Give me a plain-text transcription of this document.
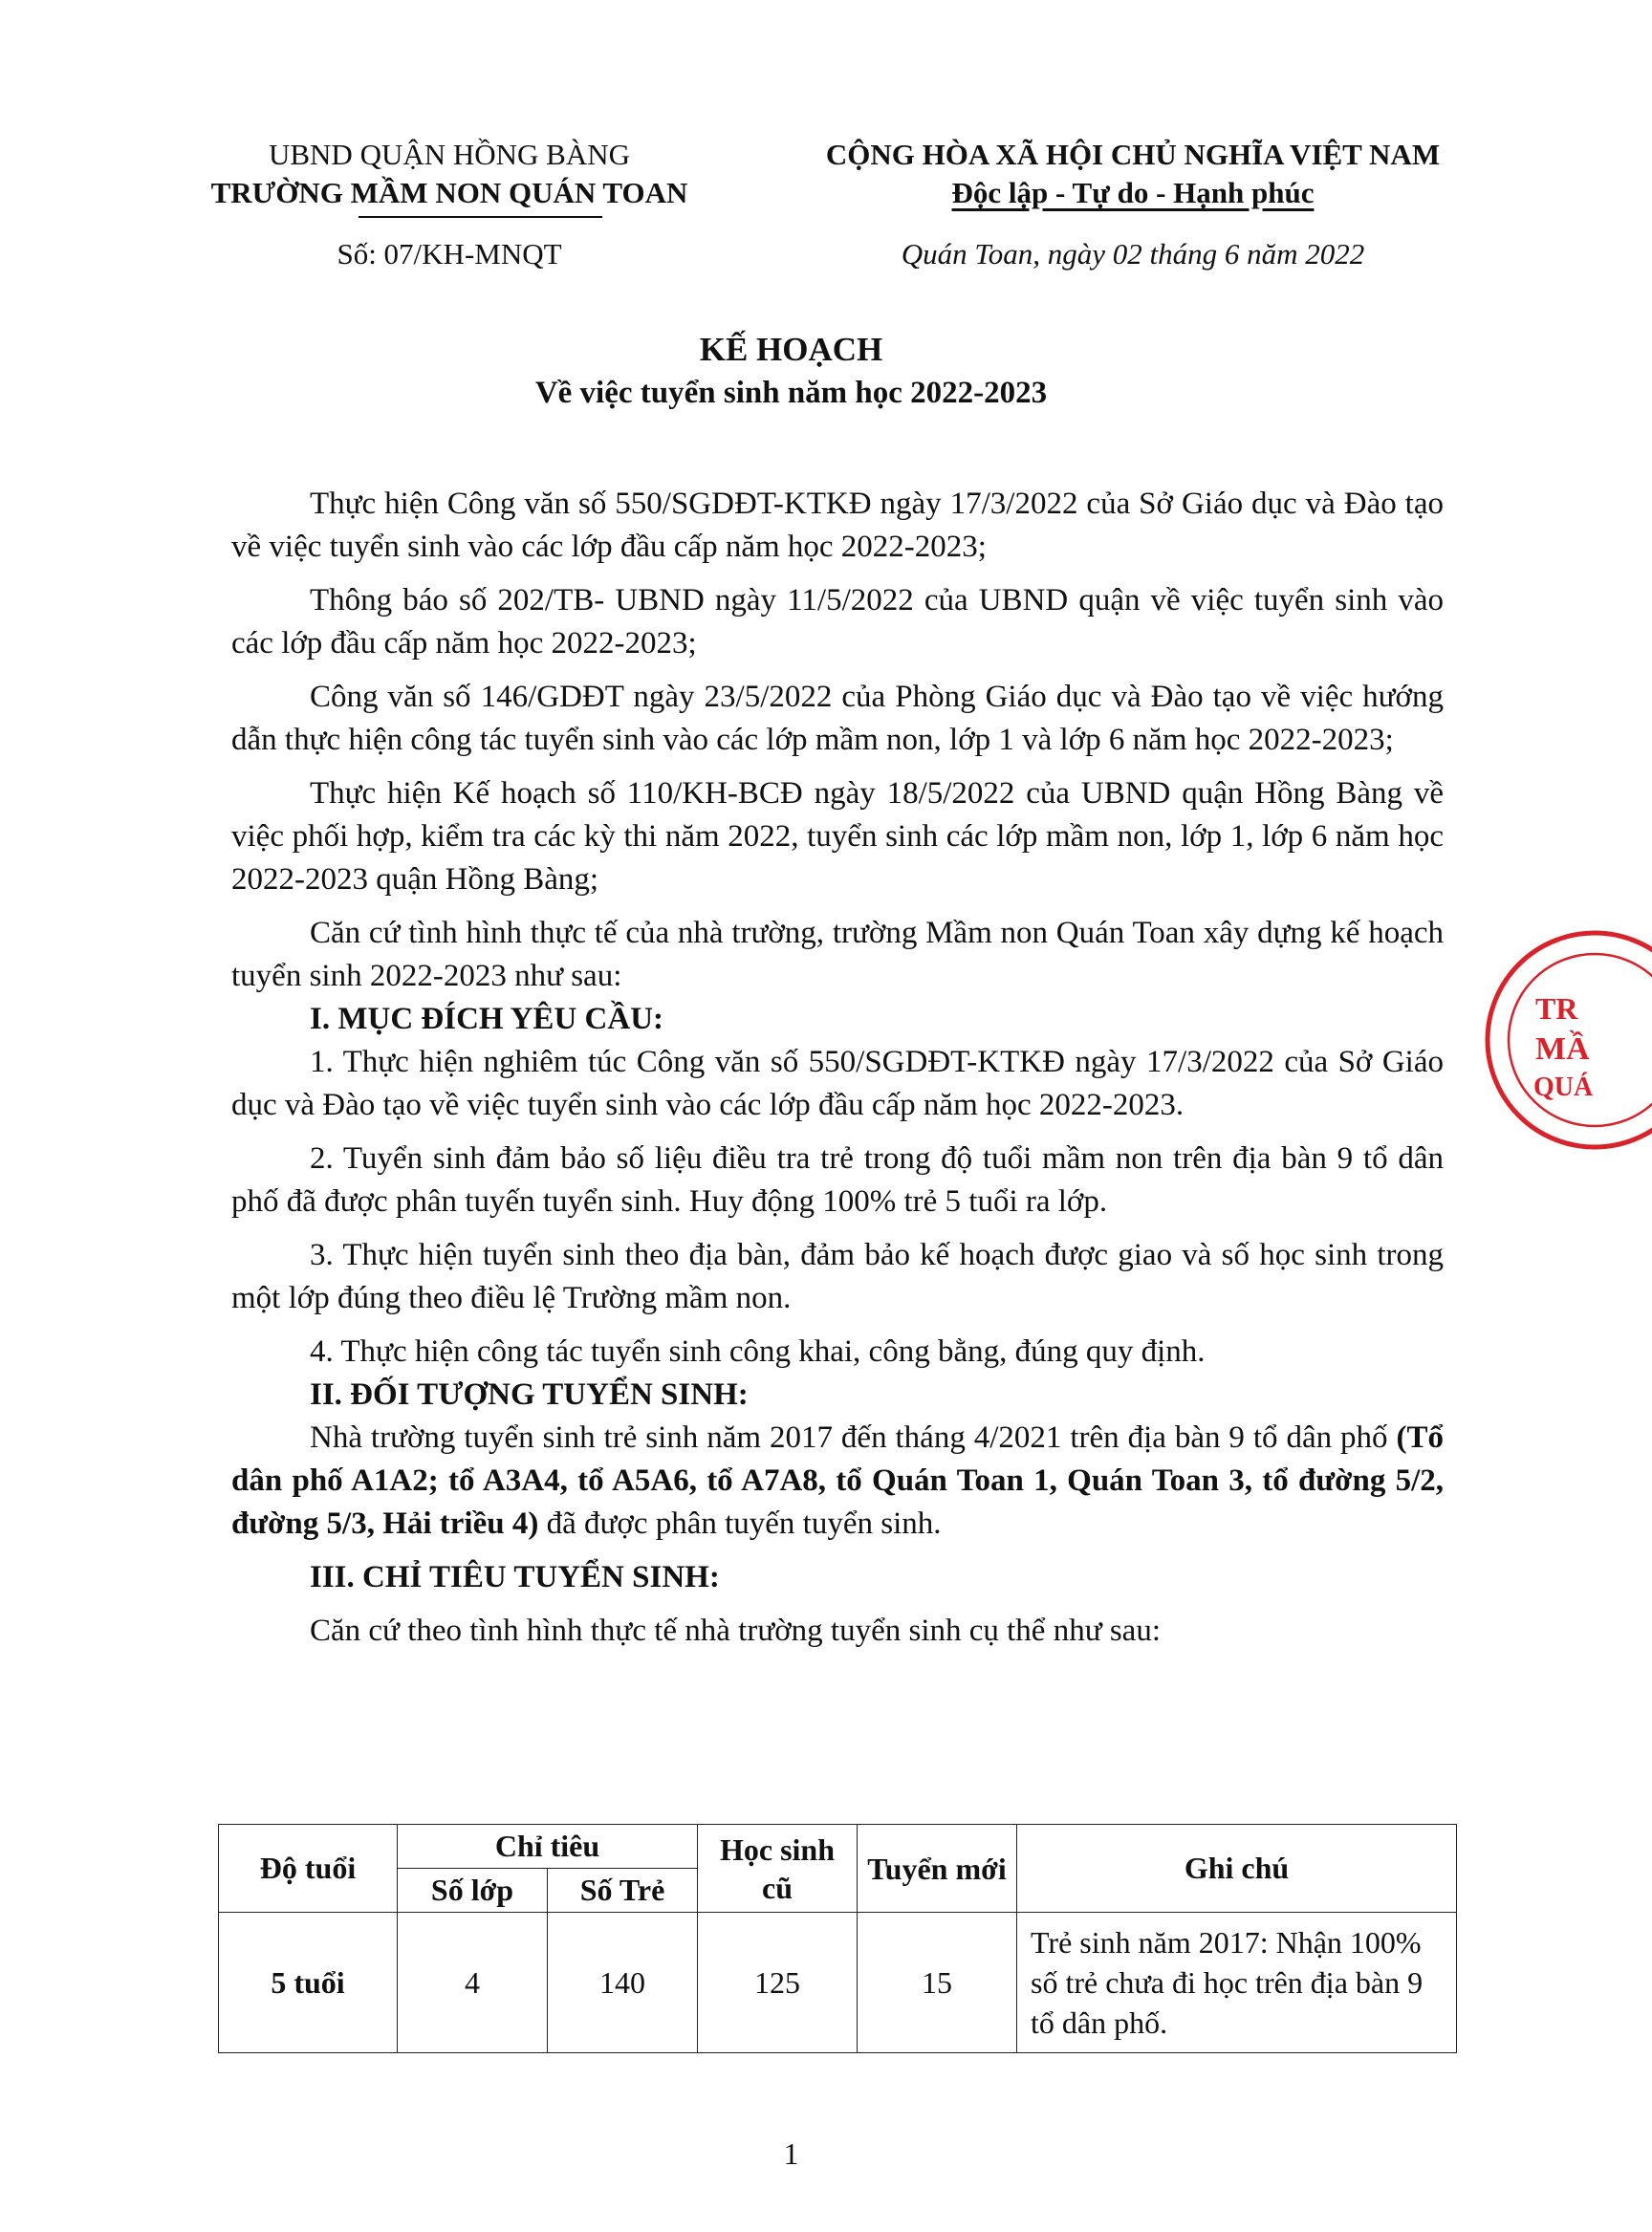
UBND QUẬN HỒNG BÀNG
TRƯỜNG MẦM NON QUÁN TOAN
Số: 07/KH-MNQT
CỘNG HÒA XÃ HỘI CHỦ NGHĨA VIỆT NAM
Độc lập - Tự do - Hạnh phúc
Quán Toan, ngày 02 tháng 6 năm 2022
KẾ HOẠCH
Về việc tuyển sinh năm học 2022-2023

Thực hiện Công văn số 550/SGDĐT-KTKĐ ngày 17/3/2022 của Sở Giáo dục và Đào tạo về việc tuyển sinh vào các lớp đầu cấp năm học 2022-2023;

Thông báo số 202/TB- UBND ngày 11/5/2022 của UBND quận về việc tuyển sinh vào các lớp đầu cấp năm học 2022-2023;

Công văn số 146/GDĐT ngày 23/5/2022 của Phòng Giáo dục và Đào tạo về việc hướng dẫn thực hiện công tác tuyển sinh vào các lớp mầm non, lớp 1 và lớp 6 năm học 2022-2023;

Thực hiện Kế hoạch số 110/KH-BCĐ ngày 18/5/2022 của UBND quận Hồng Bàng về việc phối hợp, kiểm tra các kỳ thi năm 2022, tuyển sinh các lớp mầm non, lớp 1, lớp 6 năm học 2022-2023 quận Hồng Bàng;

Căn cứ tình hình thực tế của nhà trường, trường Mầm non Quán Toan xây dựng kế hoạch tuyển sinh 2022-2023 như sau:

I. MỤC ĐÍCH YÊU CẦU:

1. Thực hiện nghiêm túc Công văn số 550/SGDĐT-KTKĐ ngày 17/3/2022 của Sở Giáo dục và Đào tạo về việc tuyển sinh vào các lớp đầu cấp năm học 2022-2023.

2. Tuyển sinh đảm bảo số liệu điều tra trẻ trong độ tuổi mầm non trên địa bàn 9 tổ dân phố đã được phân tuyến tuyển sinh. Huy động 100% trẻ 5 tuổi ra lớp.

3. Thực hiện tuyển sinh theo địa bàn, đảm bảo kế hoạch được giao và số học sinh trong một lớp đúng theo điều lệ Trường mầm non.

4. Thực hiện công tác tuyển sinh công khai, công bằng, đúng quy định.

II. ĐỐI TƯỢNG TUYỂN SINH:

Nhà trường tuyển sinh trẻ sinh năm 2017 đến tháng 4/2021 trên địa bàn 9 tổ dân phố (Tổ dân phố A1A2; tổ A3A4, tổ A5A6, tổ A7A8, tổ Quán Toan 1, Quán Toan 3, tổ đường 5/2, đường 5/3, Hải triều 4) đã được phân tuyến tuyển sinh.

III. CHỈ TIÊU TUYỂN SINH:

Căn cứ theo tình hình thực tế nhà trường tuyển sinh cụ thể như sau:

Độ tuổi	Chỉ tiêu		Học sinh cũ	Tuyển mới	Ghi chú
	Số lớp	Số Trẻ			
5 tuổi	4	140	125	15	Trẻ sinh năm 2017: Nhận 100% số trẻ chưa đi học trên địa bàn 9 tổ dân phố.
1
TR
MẦ
QUÁ
